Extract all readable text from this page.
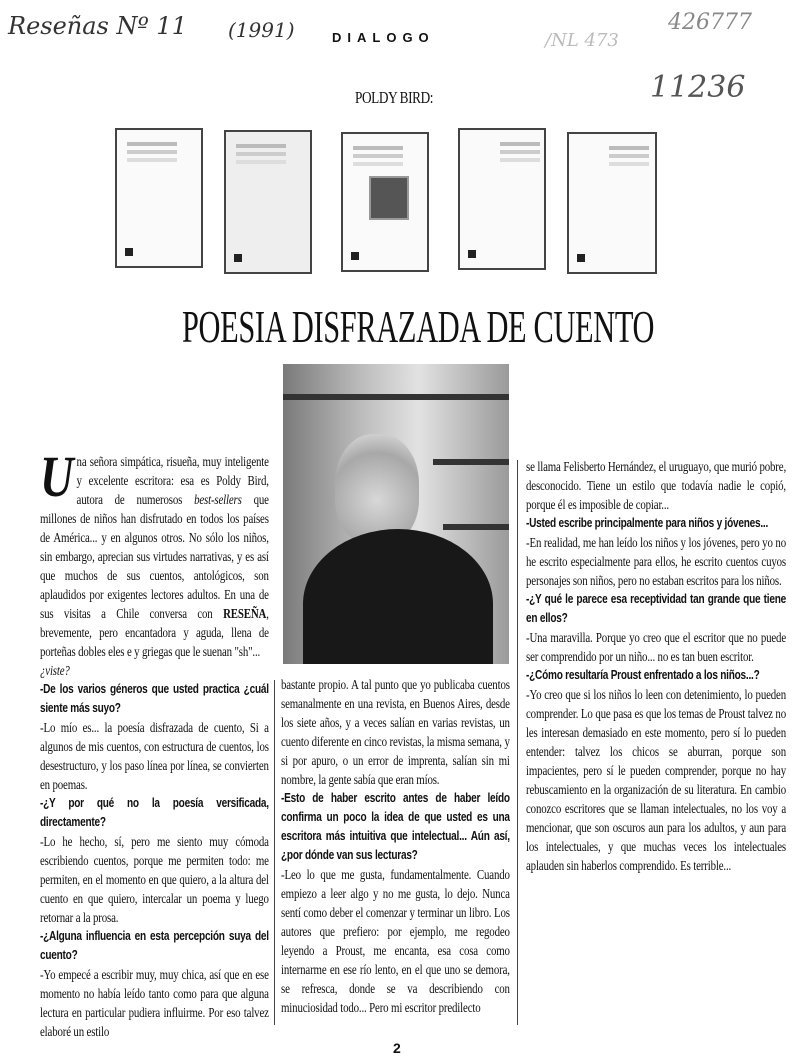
Reseñas Nº 11 (1991)	/NL 473
426777
11236
DIALOGO
POLDY BIRD:
POESIA DISFRAZADA DE CUENTO

Una señora simpática, risueña, muy inteligente y excelente escritora: esa es Poldy Bird, autora de numerosos best-sellers que millones de niños han disfrutado en todos los países de América... y en algunos otros. No sólo los niños, sin embargo, aprecian sus virtudes narrativas, y es así que muchos de sus cuentos, antológicos, son aplaudidos por exigentes lectores adultos. En una de sus visitas a Chile conversa con RESEÑA, brevemente, pero encantadora y aguda, llena de porteñas dobles eles e y griegas que le suenan "sh"...

¿viste?

-De los varios géneros que usted practica ¿cuál siente más suyo?

-Lo mío es... la poesía disfrazada de cuento, Si a algunos de mis cuentos, con estructura de cuentos, los desestructuro, y los paso línea por línea, se convierten en poemas.

-¿Y por qué no la poesía versificada, directamente?

-Lo he hecho, sí, pero me siento muy cómoda escribiendo cuentos, porque me permiten todo: me permiten, en el momento en que quiero, a la altura del cuento en que quiero, intercalar un poema y luego retornar a la prosa.

-¿Alguna influencia en esta percepción suya del cuento?

-Yo empecé a escribir muy, muy chica, así que en ese momento no había leído tanto como para que alguna lectura en particular pudiera influirme. Por eso talvez elaboré un estilo

bastante propio. A tal punto que yo publicaba cuentos semanalmente en una revista, en Buenos Aires, desde los siete años, y a veces salían en varias revistas, un cuento diferente en cinco revistas, la misma semana, y si por apuro, o un error de imprenta, salían sin mi nombre, la gente sabía que eran míos.

-Esto de haber escrito antes de haber leído confirma un poco la idea de que usted es una escritora más intuitiva que intelectual... Aún así, ¿por dónde van sus lecturas?

-Leo lo que me gusta, fundamentalmente. Cuando empiezo a leer algo y no me gusta, lo dejo. Nunca sentí como deber el comenzar y terminar un libro. Los autores que prefiero: por ejemplo, me regodeo leyendo a Proust, me encanta, esa cosa como internarme en ese río lento, en el que uno se demora, se refresca, donde se va describiendo con minuciosidad todo... Pero mi escritor predilecto

se llama Felisberto Hernández, el uruguayo, que murió pobre, desconocido. Tiene un estilo que todavía nadie le copió, porque él es imposible de copiar...

-Usted escribe principalmente para niños y jóvenes...

-En realidad, me han leído los niños y los jóvenes, pero yo no he escrito especialmente para ellos, he escrito cuentos cuyos personajes son niños, pero no estaban escritos para los niños.

-¿Y qué le parece esa receptividad tan grande que tiene en ellos?

-Una maravilla. Porque yo creo que el escritor que no puede ser comprendido por un niño... no es tan buen escritor.

-¿Cómo resultaría Proust enfrentado a los niños...?

-Yo creo que si los niños lo leen con detenimiento, lo pueden comprender. Lo que pasa es que los temas de Proust talvez no les interesan demasiado en este momento, pero sí lo pueden entender: talvez los chicos se aburran, porque son impacientes, pero sí le pueden comprender, porque no hay rebuscamiento en la organización de su literatura. En cambio conozco escritores que se llaman intelectuales, no los voy a mencionar, que son oscuros aun para los adultos, y aun para los intelectuales, y que muchas veces los intelectuales aplauden sin haberlos comprendido. Es terrible...

2
